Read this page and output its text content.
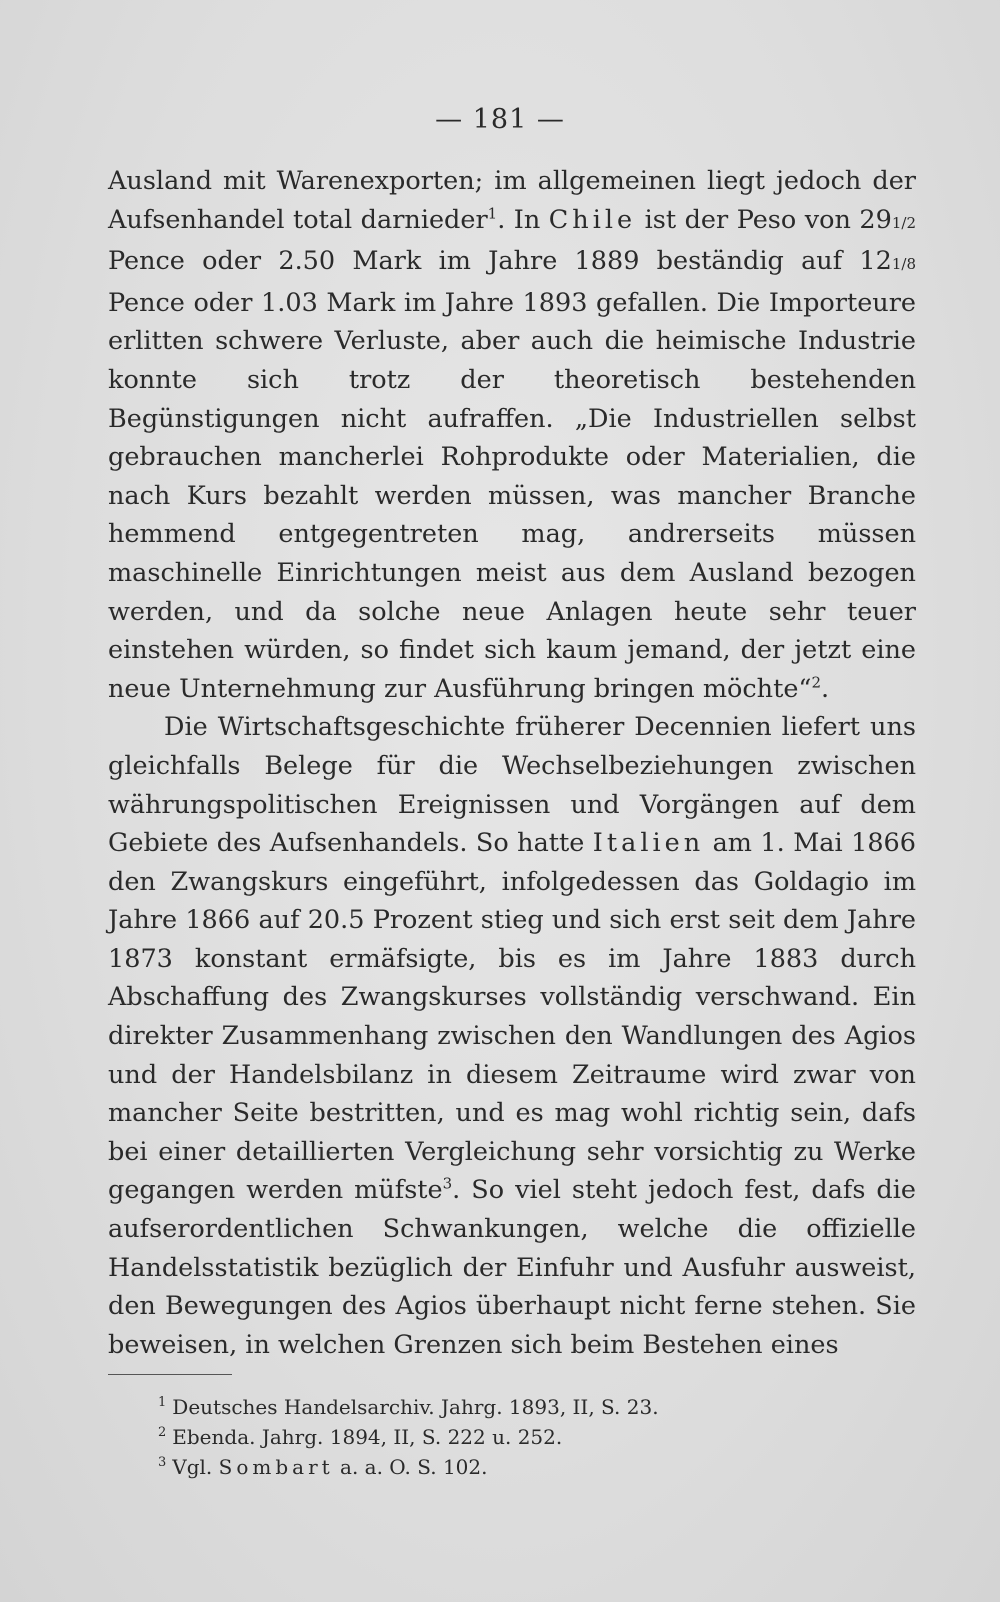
— 181 —

Ausland mit Warenexporten; im allgemeinen liegt jedoch der Aufsenhandel total darnieder$^1$. In Chile ist der Peso von 291/2 Pence oder 2.50 Mark im Jahre 1889 beständig auf 121/8 Pence oder 1.03 Mark im Jahre 1893 gefallen. Die Importeure erlitten schwere Verluste, aber auch die heimische Industrie konnte sich trotz der theoretisch bestehenden Begünstigungen nicht aufraffen. „Die Industriellen selbst gebrauchen mancherlei Rohprodukte oder Materialien, die nach Kurs bezahlt werden müssen, was mancher Branche hemmend entgegentreten mag, andrerseits müssen maschinelle Einrichtungen meist aus dem Ausland bezogen werden, und da solche neue Anlagen heute sehr teuer einstehen würden, so findet sich kaum jemand, der jetzt eine neue Unternehmung zur Ausführung bringen möchte“$^2$.

Die Wirtschaftsgeschichte früherer Decennien liefert uns gleichfalls Belege für die Wechselbeziehungen zwischen währungspolitischen Ereignissen und Vorgängen auf dem Gebiete des Aufsenhandels. So hatte Italien am 1. Mai 1866 den Zwangskurs eingeführt, infolgedessen das Goldagio im Jahre 1866 auf 20.5 Prozent stieg und sich erst seit dem Jahre 1873 konstant ermäfsigte, bis es im Jahre 1883 durch Abschaffung des Zwangskurses vollständig verschwand. Ein direkter Zusammenhang zwischen den Wandlungen des Agios und der Handelsbilanz in diesem Zeitraume wird zwar von mancher Seite bestritten, und es mag wohl richtig sein, dafs bei einer detaillierten Vergleichung sehr vorsichtig zu Werke gegangen werden müfste$^3$. So viel steht jedoch fest, dafs die aufserordentlichen Schwankungen, welche die offizielle Handelsstatistik bezüglich der Einfuhr und Ausfuhr ausweist, den Bewegungen des Agios überhaupt nicht ferne stehen. Sie beweisen, in welchen Grenzen sich beim Bestehen eines

$^1$ Deutsches Handelsarchiv. Jahrg. 1893, II, S. 23.
$^2$ Ebenda. Jahrg. 1894, II, S. 222 u. 252.
$^3$ Vgl. Sombart a. a. O. S. 102.
